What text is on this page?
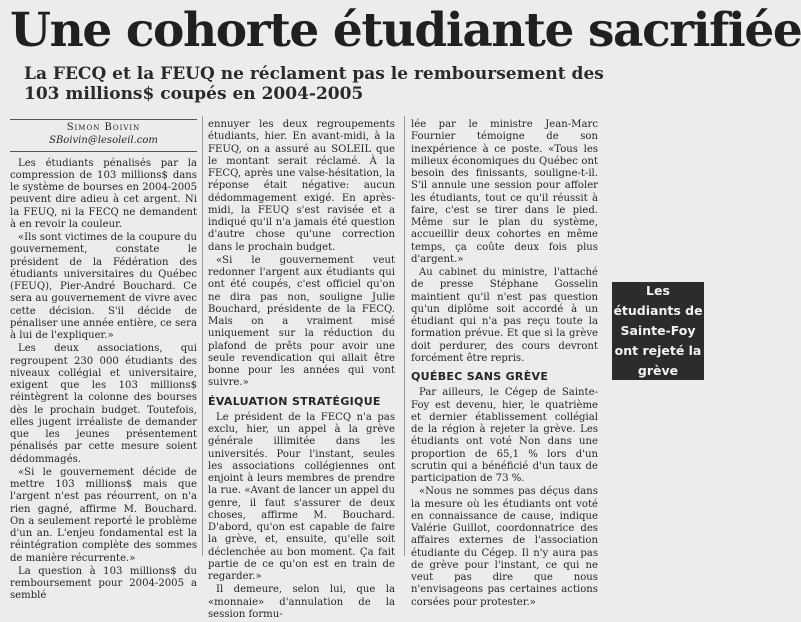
Une cohorte étudiante sacrifiée
La FECQ et la FEUQ ne réclament pas le remboursement des 103 millions$ coupés en 2004-2005
Simon Boivin
SBoivin@lesoleil.com

Les étudiants pénalisés par la compression de 103 millions$ dans le système de bourses en 2004-2005 peuvent dire adieu à cet argent. Ni la FEUQ, ni la FECQ ne demandent à en revoir la couleur.

«Ils sont victimes de la coupure du gouvernement, constate le président de la Fédération des étudiants universitaires du Québec (FEUQ), Pier-André Bouchard. Ce sera au gouvernement de vivre avec cette décision. S'il décide de pénaliser une année entière, ce sera à lui de l'expliquer.»

Les deux associations, qui regroupent 230 000 étudiants des niveaux collégial et universitaire, exigent que les 103 millions$ réintègrent la colonne des bourses dès le prochain budget. Toutefois, elles jugent irréaliste de demander que les jeunes présentement pénalisés par cette mesure soient dédommagés.

«Si le gouvernement décide de mettre 103 millions$ mais que l'argent n'est pas réourrent, on n'a rien gagné, affirme M. Bouchard. On a seulement reporté le problème d'un an. L'enjeu fondamental est la réintégration complète des sommes de manière récurrente.»

La question à 103 millions$ du remboursement pour 2004-2005 a semblé

ennuyer les deux regroupements étudiants, hier. En avant-midi, à la FEUQ, on a assuré au SOLEIL que le montant serait réclamé. À la FECQ, après une valse-hésitation, la réponse était négative: aucun dédommagement exigé. En après-midi, la FEUQ s'est ravisée et a indiqué qu'il n'a jamais été question d'autre chose qu'une correction dans le prochain budget.

«Si le gouvernement veut redonner l'argent aux étudiants qui ont été coupés, c'est officiel qu'on ne dira pas non, souligne Julie Bouchard, présidente de la FECQ. Mais on a vraiment misé uniquement sur la réduction du plafond de prêts pour avoir une seule revendication qui allait être bonne pour les années qui vont suivre.»

ÉVALUATION STRATÉGIQUE

Le président de la FECQ n'a pas exclu, hier, un appel à la grève générale illimitée dans les universités. Pour l'instant, seules les associations collégiennes ont enjoint à leurs membres de prendre la rue. «Avant de lancer un appel du genre, il faut s'assurer de deux choses, affirme M. Bouchard. D'abord, qu'on est capable de faire la grève, et, ensuite, qu'elle soit déclenchée au bon moment. Ça fait partie de ce qu'on est en train de regarder.»

Il demeure, selon lui, que la «monnaie» d'annulation de la session formu-

lée par le ministre Jean-Marc Fournier témoigne de son inexpérience à ce poste. «Tous les milieux économiques du Québec ont besoin des finissants, souligne-t-il. S'il annule une session pour affoler les étudiants, tout ce qu'il réussit à faire, c'est se tirer dans le pied. Même sur le plan du système, accueillir deux cohortes en même temps, ça coûte deux fois plus d'argent.»

Au cabinet du ministre, l'attaché de presse Stéphane Gosselin maintient qu'il n'est pas question qu'un diplôme soit accordé à un étudiant qui n'a pas reçu toute la formation prévue. Et que si la grève doit perdurer, des cours devront forcément être repris.

QUÉBEC SANS GRÈVE

Par ailleurs, le Cégep de Sainte-Foy est devenu, hier, le quatrième et dernier établissement collégial de la région à rejeter la grève. Les étudiants ont voté Non dans une proportion de 65,1 % lors d'un scrutin qui a bénéficié d'un taux de participation de 73 %.

«Nous ne sommes pas déçus dans la mesure où les étudiants ont voté en connaissance de cause, indique Valérie Guillot, coordonnatrice des affaires externes de l'association étudiante du Cégep. Il n'y aura pas de grève pour l'instant, ce qui ne veut pas dire que nous n'envisageons pas certaines actions corsées pour protester.»

Les étudiants de Sainte-Foy ont rejeté la grève
